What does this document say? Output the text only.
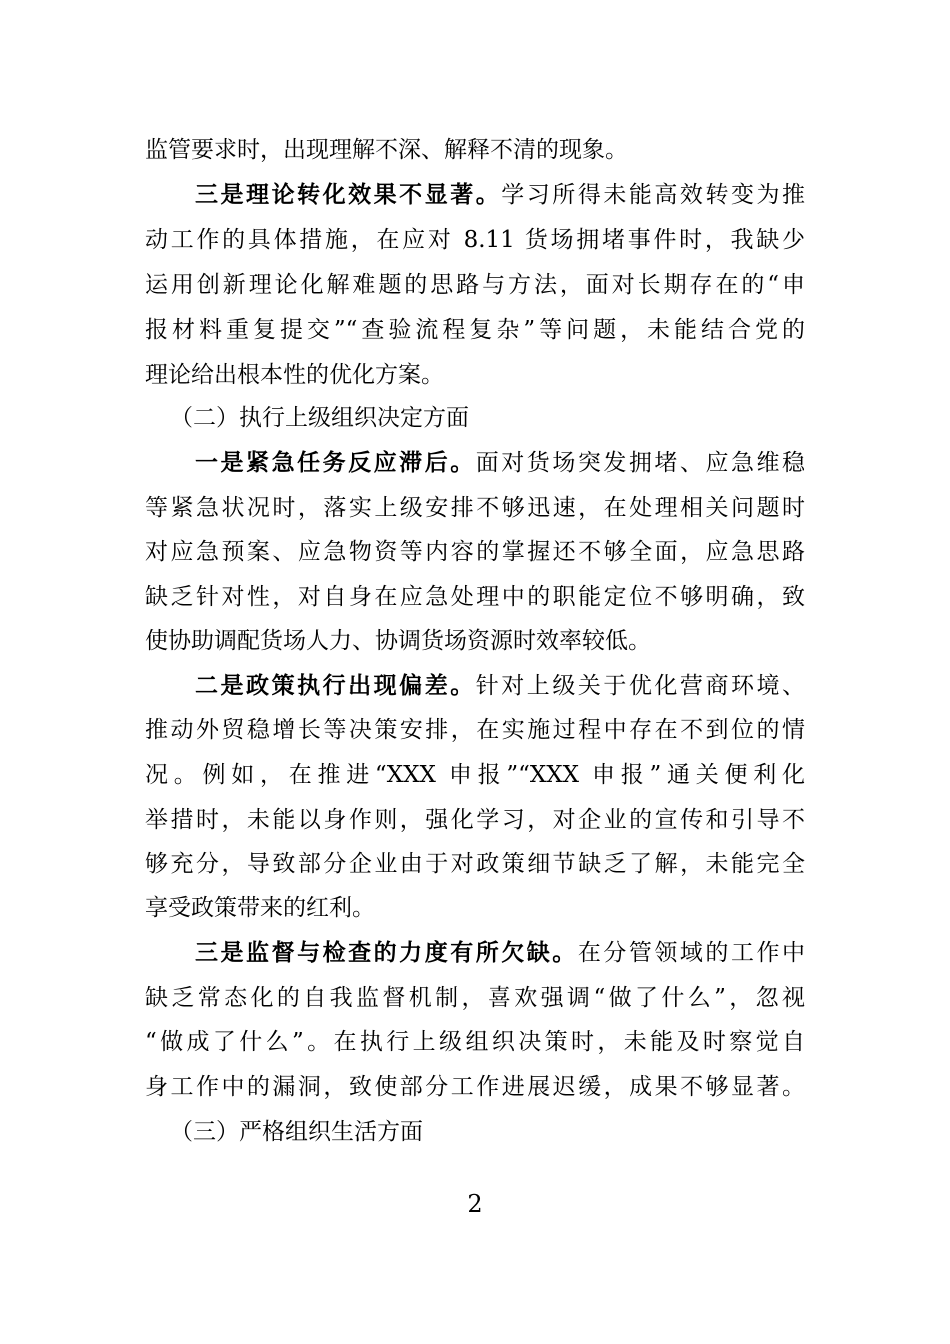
监管要求时，出现理解不深、解释不清的现象。
三是理论转化效果不显著。学习所得未能高效转变为推
动工作的具体措施，在应对 8.11 货场拥堵事件时，我缺少
运用创新理论化解难题的思路与方法，面对长期存在的“申
报材料重复提交”“查验流程复杂”等问题，未能结合党的
理论给出根本性的优化方案。
（二）执行上级组织决定方面
一是紧急任务反应滞后。面对货场突发拥堵、应急维稳
等紧急状况时，落实上级安排不够迅速，在处理相关问题时
对应急预案、应急物资等内容的掌握还不够全面，应急思路
缺乏针对性，对自身在应急处理中的职能定位不够明确，致
使协助调配货场人力、协调货场资源时效率较低。
二是政策执行出现偏差。针对上级关于优化营商环境、
推动外贸稳增长等决策安排，在实施过程中存在不到位的情
况。例如，在推进“XXX 申报”“XXX 申报”通关便利化
举措时，未能以身作则，强化学习，对企业的宣传和引导不
够充分，导致部分企业由于对政策细节缺乏了解，未能完全
享受政策带来的红利。
三是监督与检查的力度有所欠缺。在分管领域的工作中
缺乏常态化的自我监督机制，喜欢强调“做了什么”，忽视
“做成了什么”。在执行上级组织决策时，未能及时察觉自
身工作中的漏洞，致使部分工作进展迟缓，成果不够显著。
（三）严格组织生活方面
2
